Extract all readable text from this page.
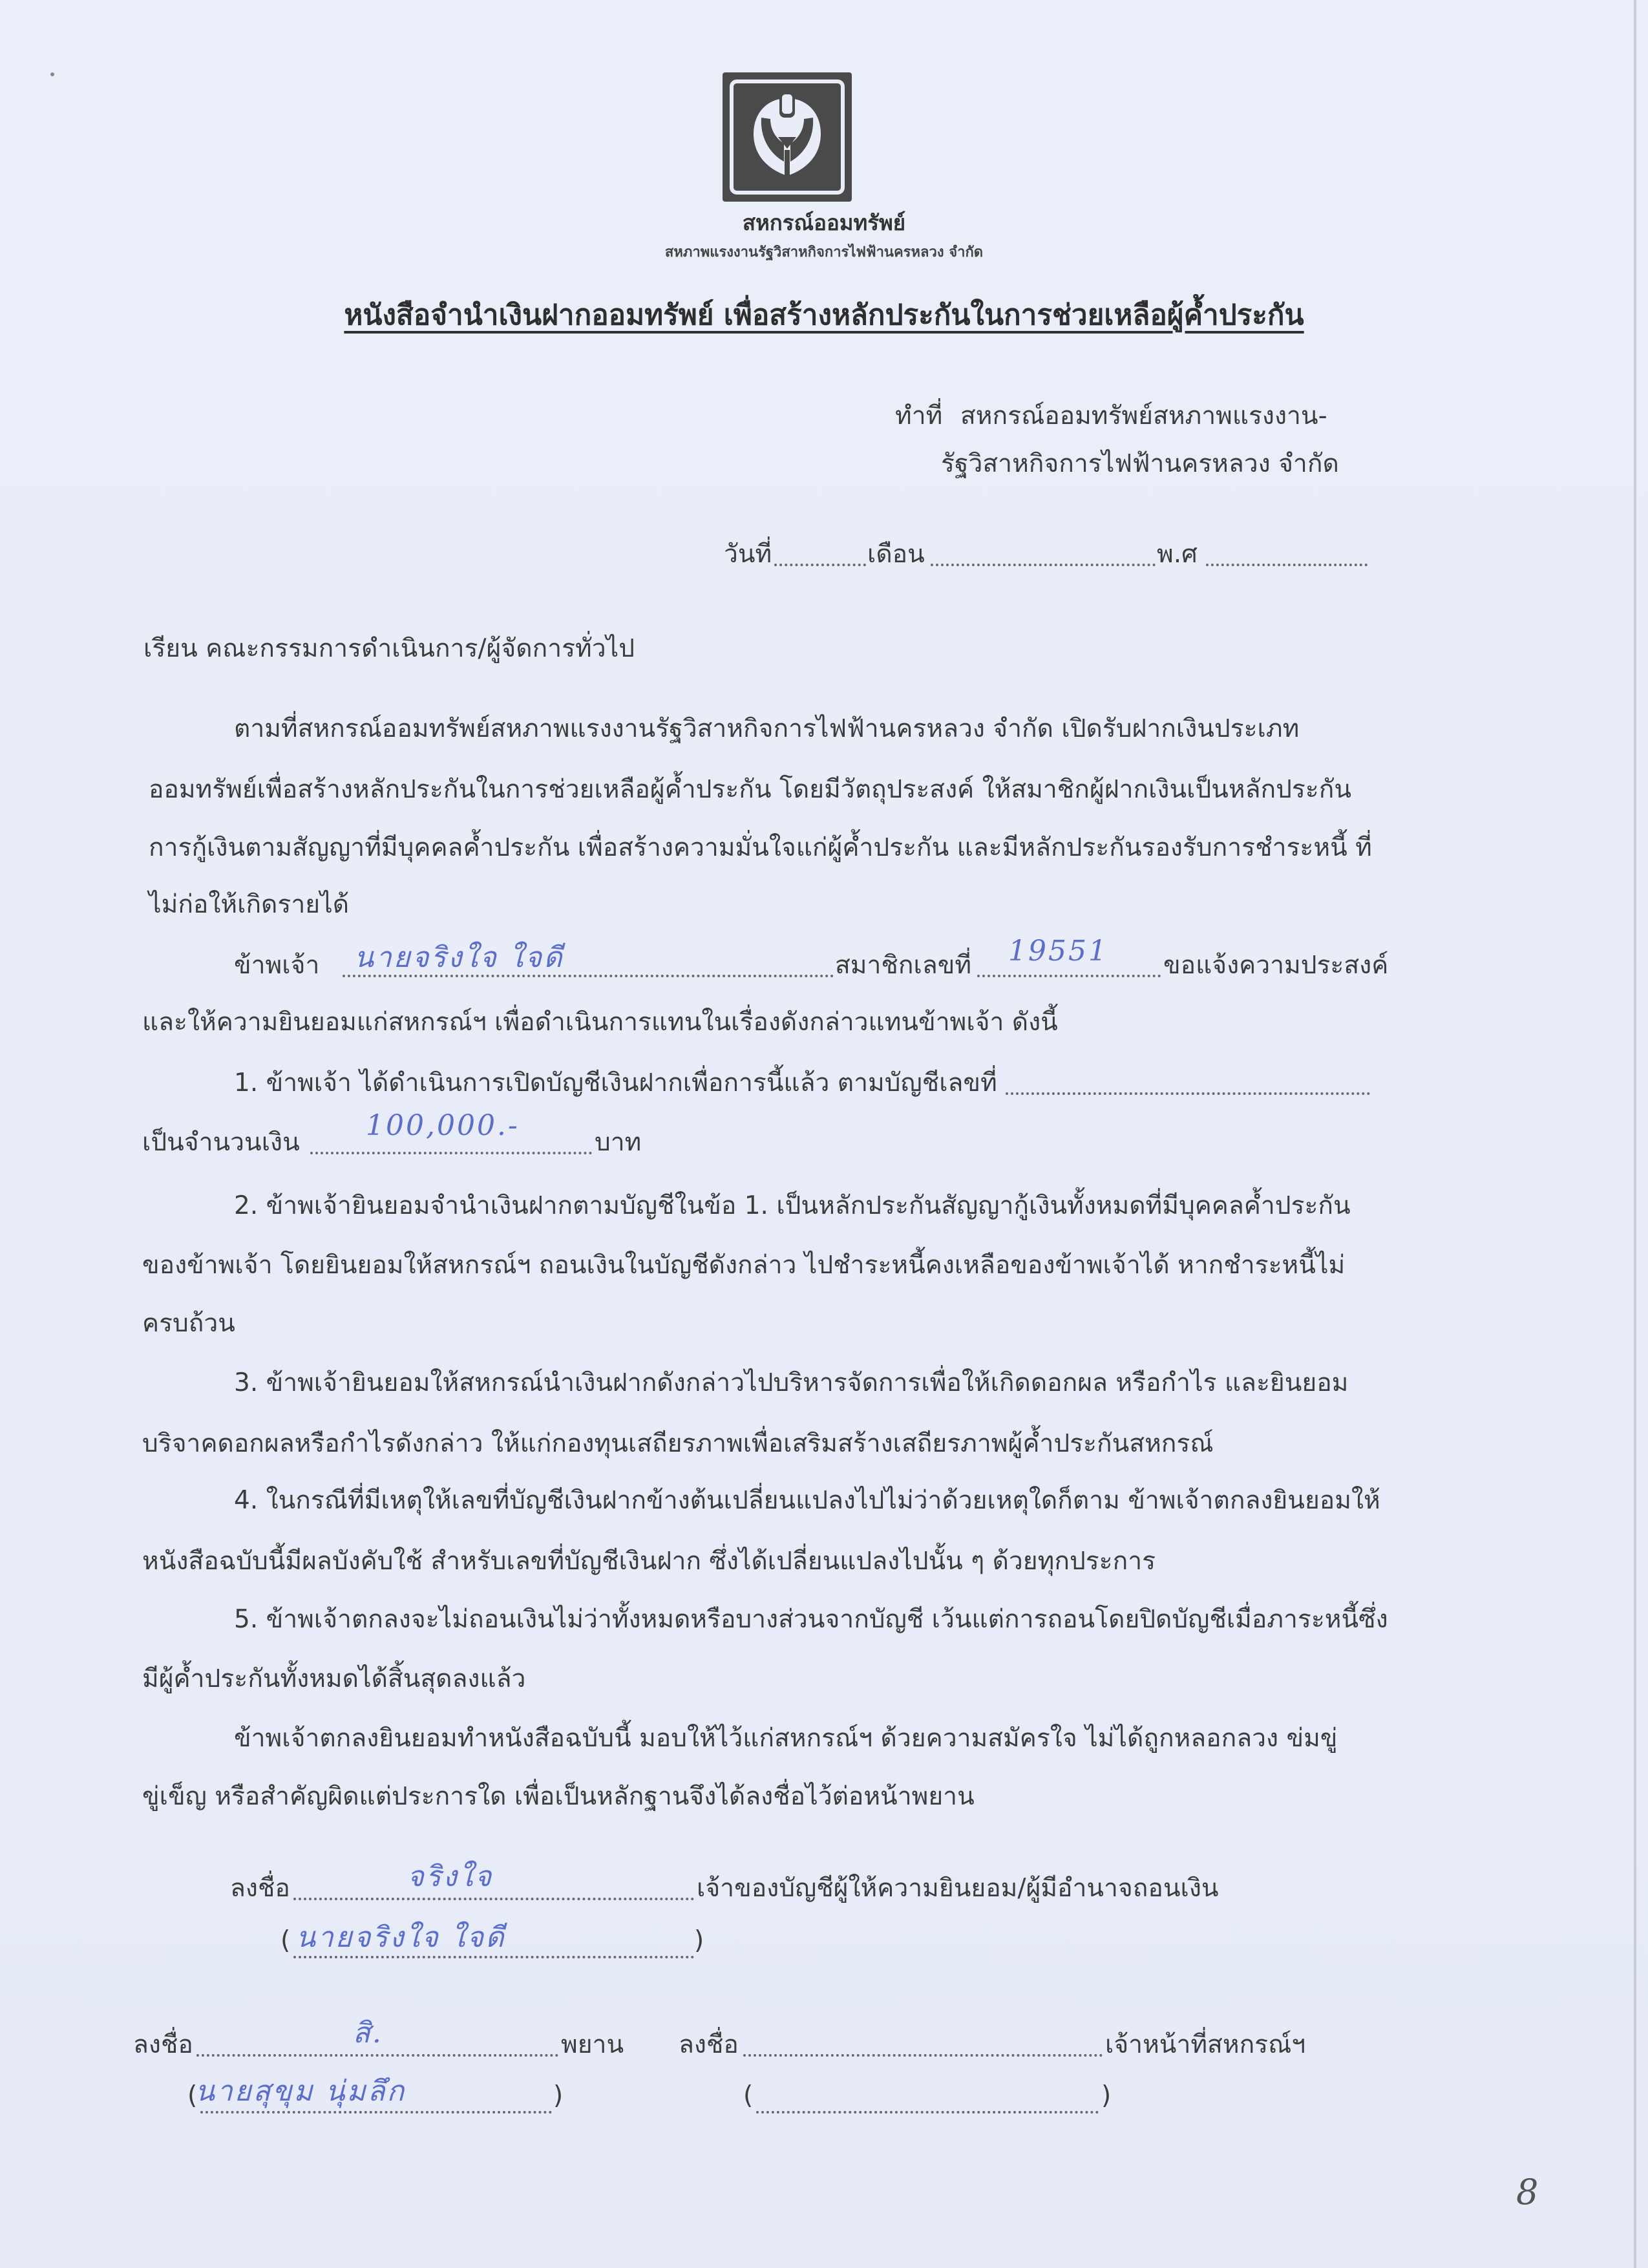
สหกรณ์ออมทรัพย์
สหภาพแรงงานรัฐวิสาหกิจการไฟฟ้านครหลวง จำกัด
หนังสือจำนำเงินฝากออมทรัพย์ เพื่อสร้างหลักประกันในการช่วยเหลือผู้ค้ำประกัน
ทำที่ สหกรณ์ออมทรัพย์สหภาพแรงงาน-
รัฐวิสาหกิจการไฟฟ้านครหลวง จำกัด
วันที่	เดือน	พ.ศ
เรียน คณะกรรมการดำเนินการ/ผู้จัดการทั่วไป
ตามที่สหกรณ์ออมทรัพย์สหภาพแรงงานรัฐวิสาหกิจการไฟฟ้านครหลวง จำกัด เปิดรับฝากเงินประเภท
ออมทรัพย์เพื่อสร้างหลักประกันในการช่วยเหลือผู้ค้ำประกัน โดยมีวัตถุประสงค์ ให้สมาชิกผู้ฝากเงินเป็นหลักประกัน
การกู้เงินตามสัญญาที่มีบุคคลค้ำประกัน เพื่อสร้างความมั่นใจแก่ผู้ค้ำประกัน และมีหลักประกันรองรับการชำระหนี้ ที่
ไม่ก่อให้เกิดรายได้
ข้าพเจ้า นายจริงใจ ใจดี	สมาชิกเลขที่ 19551 ขอแจ้งความประสงค์
และให้ความยินยอมแก่สหกรณ์ฯ เพื่อดำเนินการแทนในเรื่องดังกล่าวแทนข้าพเจ้า ดังนี้
1. ข้าพเจ้า ได้ดำเนินการเปิดบัญชีเงินฝากเพื่อการนี้แล้ว ตามบัญชีเลขที่
เป็นจำนวนเงิน
100,000.-
บาท
2. ข้าพเจ้ายินยอมจำนำเงินฝากตามบัญชีในข้อ 1. เป็นหลักประกันสัญญากู้เงินทั้งหมดที่มีบุคคลค้ำประกัน
ของข้าพเจ้า โดยยินยอมให้สหกรณ์ฯ ถอนเงินในบัญชีดังกล่าว ไปชำระหนี้คงเหลือของข้าพเจ้าได้ หากชำระหนี้ไม่
ครบถ้วน
3. ข้าพเจ้ายินยอมให้สหกรณ์นำเงินฝากดังกล่าวไปบริหารจัดการเพื่อให้เกิดดอกผล หรือกำไร และยินยอม
บริจาคดอกผลหรือกำไรดังกล่าว ให้แก่กองทุนเสถียรภาพเพื่อเสริมสร้างเสถียรภาพผู้ค้ำประกันสหกรณ์
4. ในกรณีที่มีเหตุให้เลขที่บัญชีเงินฝากข้างต้นเปลี่ยนแปลงไปไม่ว่าด้วยเหตุใดก็ตาม ข้าพเจ้าตกลงยินยอมให้
หนังสือฉบับนี้มีผลบังคับใช้ สำหรับเลขที่บัญชีเงินฝาก ซึ่งได้เปลี่ยนแปลงไปนั้น ๆ ด้วยทุกประการ
5. ข้าพเจ้าตกลงจะไม่ถอนเงินไม่ว่าทั้งหมดหรือบางส่วนจากบัญชี เว้นแต่การถอนโดยปิดบัญชีเมื่อภาระหนี้ซึ่ง
มีผู้ค้ำประกันทั้งหมดได้สิ้นสุดลงแล้ว
ข้าพเจ้าตกลงยินยอมทำหนังสือฉบับนี้ มอบให้ไว้แก่สหกรณ์ฯ ด้วยความสมัครใจ ไม่ได้ถูกหลอกลวง ข่มขู่
ขู่เข็ญ หรือสำคัญผิดแต่ประการใด เพื่อเป็นหลักฐานจึงได้ลงชื่อไว้ต่อหน้าพยาน
ลงชื่อ	จริงใจ	เจ้าของบัญชีผู้ให้ความยินยอม/ผู้มีอำนาจถอนเงิน
( นายจริงใจ ใจดี	)
ลงชื่อ	สิ.	พยาน
(
นายสุขุม นุ่มลึก	)
ลงชื่อ	เจ้าหน้าที่สหกรณ์ฯ
(	)
8
